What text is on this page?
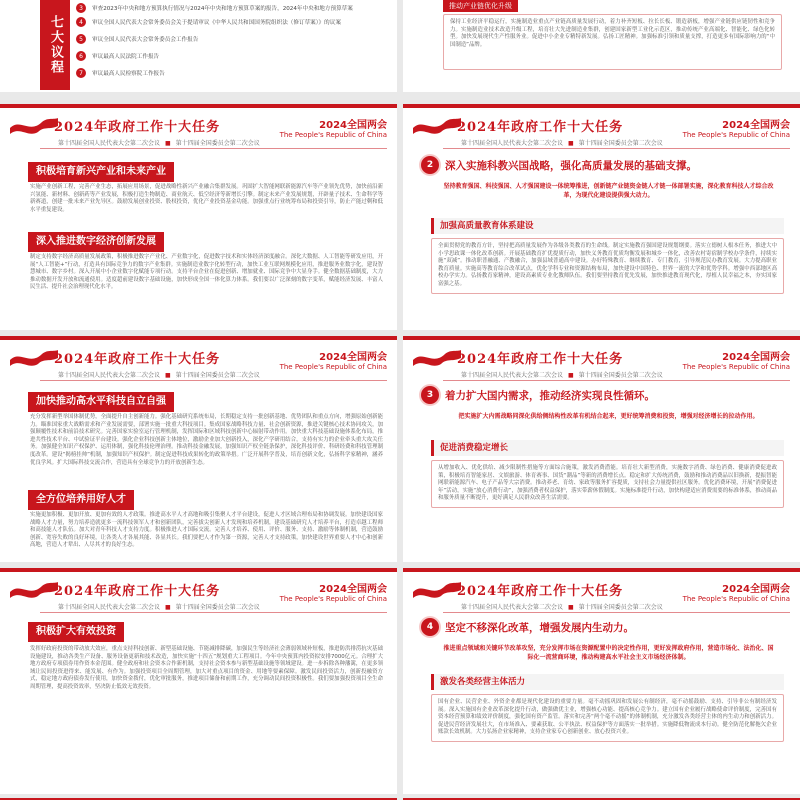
七大议程
3	审查2023年中央和地方预算执行情况与2024年中央和地方预算草案的报告，2024年中央和地方预算草案
4	审议全国人民代表大会常务委员会关于提请审议《中华人民共和国国务院组织法（修订草案）》的议案
5	审议全国人民代表大会常务委员会工作报告
6	审议最高人民法院工作报告
7	审议最高人民检察院工作报告
推动产业链优化升级
保持工业经济平稳运行，实施制造业重点产业链高质量发展行动，着力补齐短板、拉长长板、锻造新板，增强产业链供应链韧性和竞争力。实施制造业技术改造升级工程，培育壮大先进制造业集群，创建国家新型工业化示范区，推动传统产业高端化、智能化、绿色化转型。加快发展现代生产性服务业。促进中小企业专精特新发展。弘扬工匠精神。加强标准引领和质量支撑，打造更多有国际影响力的“中国制造”品牌。
2024年政府工作十大任务
第十四届全国人民代表大会第二次会议 ■ 第十四届全国委员会第二次会议
2024全国两会
The People's Republic of China
积极培育新兴产业和未来产业
实施产业创新工程，完善产业生态，拓展应用场景，促进战略性新兴产业融合集群发展。巩固扩大智能网联新能源汽车等产业领先优势，加快前沿新兴氢能、新材料、创新药等产业发展，积极打造生物制造、商业航天、低空经济等新增长引擎。制定未来产业发展规划，开辟量子技术、生命科学等新赛道，创建一批未来产业先导区。鼓励发展创业投资、股权投资，优化产业投资基金功能。加强重点行业统筹布局和投资引导，防止产能过剩和低水平重复建设。
深入推进数字经济创新发展
制定支持数字经济高质量发展政策，积极推进数字产业化、产业数字化，促进数字技术和实体经济深度融合。深化大数据、人工智能等研发应用，开展“人工智能+”行动，打造具有国际竞争力的数字产业集群。实施制造业数字化转型行动，加快工业互联网规模化应用，推进服务业数字化，建设智慧城市、数字乡村。深入开展中小企业数字化赋能专项行动。支持平台企业在促进创新、增加就业、国际竞争中大显身手。健全数据基础制度，大力推动数据开发开放和流通使用。适度超前建设数字基础设施，加快形成全国一体化算力体系。我们要以广泛深刻的数字变革，赋能经济发展、丰富人民生活、提升社会治理现代化水平。
2024年政府工作十大任务
第十四届全国人民代表大会第二次会议 ■ 第十四届全国委员会第二次会议
2024全国两会
The People's Republic of China
2	深入实施科教兴国战略，强化高质量发展的基础支撑。
坚持教育强国、科技强国、人才强国建设一体统筹推进，创新链产业链资金链人才链一体部署实施，深化教育科技人才综合改革，为现代化建设提供强大动力。
加强高质量教育体系建设
全面贯彻党的教育方针，坚持把高质量发展作为各级各类教育的生命线。制定实施教育强国建设规划纲要。落实立德树人根本任务，推进大中小学思政课一体化改革创新。开展基础教育扩优提质行动，加快义务教育优质均衡发展和城乡一体化，改善农村寄宿制学校办学条件，持续实施“双减”。推动职普融通、产教融合，加强县域普通高中建设。办好特殊教育、继续教育、专门教育，引导规范民办教育发展。大力提高职业教育质量。实施高等教育综合改革试点，优化学科专业和资源结构布局，加快建设中国特色、世界一流的大学和优势学科。增强中西部地区高校办学实力。弘扬教育家精神，建设高素质专业化教师队伍。我们要坚持教育优先发展，加快推进教育现代化，厚植人民幸福之本，夯实国家富强之基。
2024年政府工作十大任务
第十四届全国人民代表大会第二次会议 ■ 第十四届全国委员会第二次会议
2024全国两会
The People's Republic of China
加快推动高水平科技自立自强
充分发挥新型举国体制优势，全面提升自主创新能力。强化基础研究系统布局，长期稳定支持一批创新基地、优势团队和重点方向，增强原始创新能力。瞄准国家重大战略需求和产业发展需要，部署实施一批重大科技项目。集成国家战略科技力量、社会创新资源，推进关键核心技术协同攻关，加强颠覆性技术和前沿技术研究。完善国家实验室运行管理机制，发挥国际和区域科技创新中心辐射带动作用。加快重大科技基础设施体系化布局，推进共性技术平台、中试验证平台建设。强化企业科技创新主体地位，激励企业加大创新投入，深化产学研用结合，支持有实力的企业牵头重大攻关任务。加强健全知识产权保护、运用体制，强化科技伦理治理。推动科技金融发展，加强知识产权全链条保护，深化科技评价、科研经费和科技管理制度改革。建设“揭榜挂帅”机制，加强知识产权保护。制定促进科技成果转化的政策举措。广泛开展科学普及，培育创新文化，弘扬科学家精神，涵养优良学风。扩大国际科技交流合作，营造具有全球竞争力的开放创新生态。
全方位培养用好人才
实施更加积极、更加开放、更加有效的人才政策。推进高水平人才高地和吸引集聚人才平台建设，促进人才区域合理布局和协调发展。加快建设国家战略人才力量，努力培养造就更多一流科技领军人才和创新团队，完善拔尖创新人才发现和培养机制，建设基础研究人才培养平台，打造卓越工程师和高技能人才队伍。加大对青年科技人才支持力度。积极推进人才国际交流。完善人才培养、使用、评价、服务、支持、激励等体制机制，营造鼓励创新、宽容失败的良好环境，让各类人才各展其能、各显其长。我们要把人才作为第一资源，完善人才支持政策，加快建设世界重要人才中心和创新高地，营造人才辈出、人尽其才的良好生态。
2024年政府工作十大任务
第十四届全国人民代表大会第二次会议 ■ 第十四届全国委员会第二次会议
2024全国两会
The People's Republic of China
3	着力扩大国内需求，推动经济实现良性循环。
把实施扩大内需战略同深化供给侧结构性改革有机结合起来，更好统筹消费和投资，增强对经济增长的拉动作用。
促进消费稳定增长
从增加收入、优化供给、减少限制性措施等方面综合施策，激发消费潜能。培育壮大新型消费，实施数字消费、绿色消费、健康消费促进政策，积极培育智能家居、文娱旅游、体育赛事、国货“潮品”等新的消费增长点。稳定和扩大传统消费，鼓励和推动消费品以旧换新，提振智能网联新能源汽车、电子产品等大宗消费。推动养老、育幼、家政等服务扩容提质，支持社会力量提供社区服务。优化消费环境，开展“消费促进年”活动，实施“放心消费行动”，加强消费者权益保护，落实带薪休假制度。实施标准提升行动，加快构建适应消费需要的标准体系，推动商品和服务质量不断提升，更好满足人民群众改善生活需要。
2024年政府工作十大任务
第十四届全国人民代表大会第二次会议 ■ 第十四届全国委员会第二次会议
2024全国两会
The People's Republic of China
积极扩大有效投资
发挥好政府投资的带动放大效应，重点支持科技创新、新型基础设施、节能减排降碳，加强民生等经济社会薄弱领域补短板，推进防洪排涝抗灾基础设施建设，推动各类生产设备、服务设备更新和技术改造，加快实施“十四五”规划重大工程项目。今年中央预算内投资拟安排7000亿元。合理扩大地方政府专项债券用作资本金范围。健全政府和社会资本合作新机制，支持社会资本参与新型基础设施等领域建设。进一步拆除各种藩篱，在更多领域让民间投资进得来、能发展、有作为。加强投资项目全周期管理，加大对重点项目的资金、用地等要素保障。激发民间投资活力，创新投融资方式，稳定地方政府债券发行使用，加快资金拨付，优化审批服务，推进项目储备和前期工作，充分调动民间投资积极性。我们要加强投资项目全生命周期管理，提高投资效率，坚决防止低效无效投资。
2024年政府工作十大任务
第十四届全国人民代表大会第二次会议 ■ 第十四届全国委员会第二次会议
2024全国两会
The People's Republic of China
4	坚定不移深化改革，增强发展内生动力。
推进重点领域和关键环节改革攻坚，充分发挥市场在资源配置中的决定性作用，更好发挥政府作用，营造市场化、法治化、国际化一流营商环境，推动构建高水平社会主义市场经济体制。
激发各类经营主体活力
国有企业、民营企业、外资企业都是现代化建设的重要力量。毫不动摇巩固和发展公有制经济，毫不动摇鼓励、支持、引导非公有制经济发展。深入实施国有企业改革深化提升行动，做强做优主业，增强核心功能、提高核心竞争力。建立国有企业履行战略使命评价制度，完善国有资本经营预算和绩效评价制度，强化国有资产监管。落实和完善“两个毫不动摇”的体制机制，充分激发各类经营主体的内生动力和创新活力。促进民营经济发展壮大，在市场准入、要素获取、公平执法、权益保护等方面落实一批举措。实施降低物流成本行动。健全防范化解拖欠企业账款长效机制。大力弘扬企业家精神，支持企业家专心创新创业、放心投资兴业。
